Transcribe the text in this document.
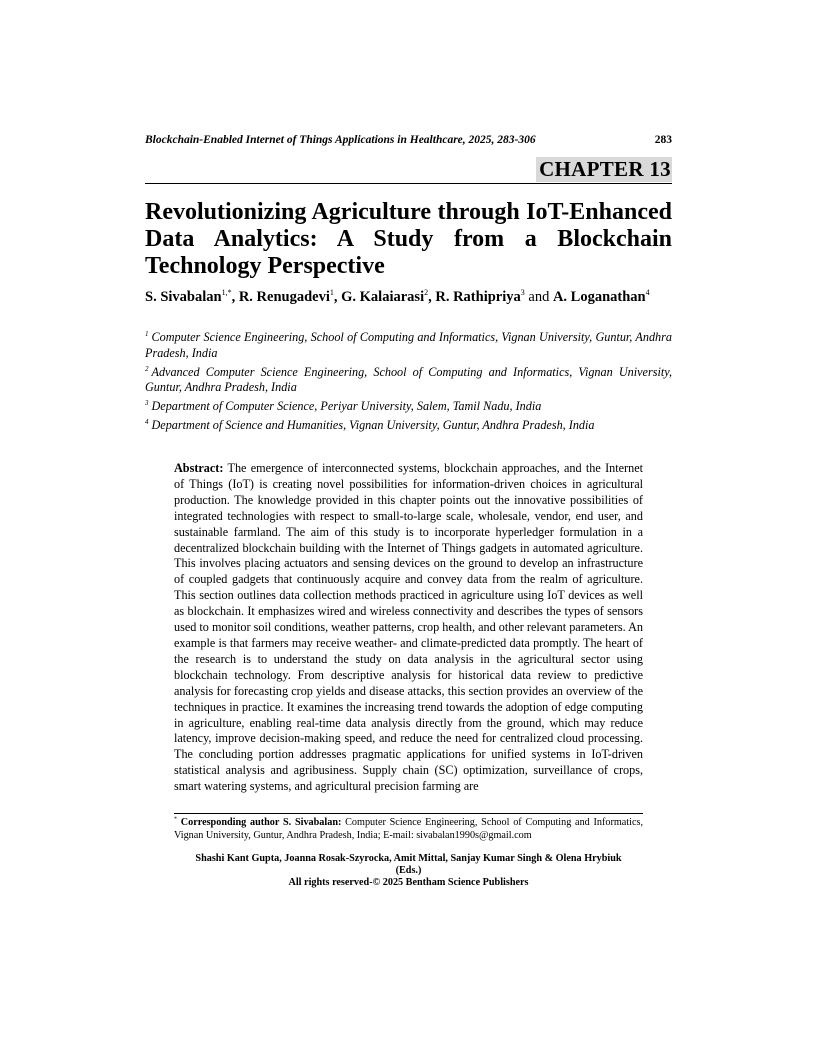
Blockchain-Enabled Internet of Things Applications in Healthcare, 2025, 283-306	283
CHAPTER 13
Revolutionizing Agriculture through IoT-Enhanced Data Analytics: A Study from a Blockchain Technology Perspective

S. Sivabalan$^{1,*}$, R. Renugadevi$^1$, G. Kalaiarasi$^2$, R. Rathipriya$^3$ and A. Loganathan$^4$

$^1$ Computer Science Engineering, School of Computing and Informatics, Vignan University, Guntur, Andhra Pradesh, India

$^2$ Advanced Computer Science Engineering, School of Computing and Informatics, Vignan University, Guntur, Andhra Pradesh, India

$^3$ Department of Computer Science, Periyar University, Salem, Tamil Nadu, India

$^4$ Department of Science and Humanities, Vignan University, Guntur, Andhra Pradesh, India

Abstract: The emergence of interconnected systems, blockchain approaches, and the Internet of Things (IoT) is creating novel possibilities for information-driven choices in agricultural production. The knowledge provided in this chapter points out the innovative possibilities of integrated technologies with respect to small-to-large scale, wholesale, vendor, end user, and sustainable farmland. The aim of this study is to incorporate hyperledger formulation in a decentralized blockchain building with the Internet of Things gadgets in automated agriculture. This involves placing actuators and sensing devices on the ground to develop an infrastructure of coupled gadgets that continuously acquire and convey data from the realm of agriculture. This section outlines data collection methods practiced in agriculture using IoT devices as well as blockchain. It emphasizes wired and wireless connectivity and describes the types of sensors used to monitor soil conditions, weather patterns, crop health, and other relevant parameters. An example is that farmers may receive weather- and climate-predicted data promptly. The heart of the research is to understand the study on data analysis in the agricultural sector using blockchain technology. From descriptive analysis for historical data review to predictive analysis for forecasting crop yields and disease attacks, this section provides an overview of the techniques in practice. It examines the increasing trend towards the adoption of edge computing in agriculture, enabling real-time data analysis directly from the ground, which may reduce latency, improve decision-making speed, and reduce the need for centralized cloud processing. The concluding portion addresses pragmatic applications for unified systems in IoT-driven statistical analysis and agribusiness. Supply chain (SC) optimization, surveillance of crops, smart watering systems, and agricultural precision farming are

* Corresponding author S. Sivabalan: Computer Science Engineering, School of Computing and Informatics, Vignan University, Guntur, Andhra Pradesh, India; E-mail: sivabalan1990s@gmail.com

Shashi Kant Gupta, Joanna Rosak-Szyrocka, Amit Mittal, Sanjay Kumar Singh & Olena Hrybiuk
(Eds.)
All rights reserved-© 2025 Bentham Science Publishers
